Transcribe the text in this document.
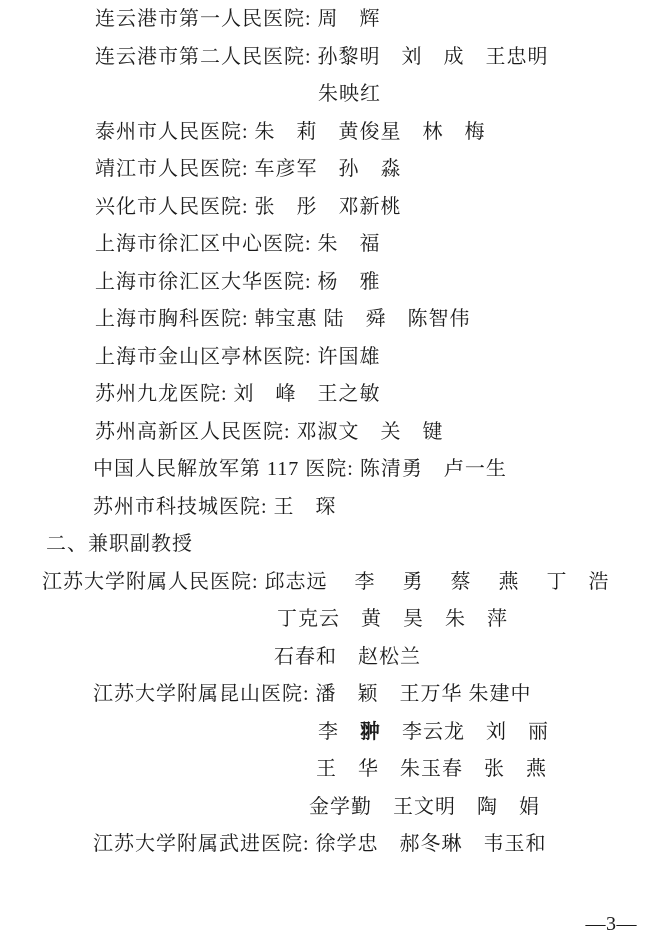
连云港市第一人民医院: 周　辉
连云港市第二人民医院: 孙黎明　刘　成　王忠明
朱映红
泰州市人民医院: 朱　莉　黄俊星　林　梅
靖江市人民医院: 车彦军　孙　淼
兴化市人民医院: 张　彤　邓新桃
上海市徐汇区中心医院: 朱　福
上海市徐汇区大华医院: 杨　雅
上海市胸科医院: 韩宝惠 陆　舜　陈智伟
上海市金山区亭林医院: 许国雄
苏州九龙医院: 刘　峰　王之敏
苏州高新区人民医院: 邓淑文　关　键
中国人民解放军第 117 医院: 陈清勇　卢一生
苏州市科技城医院: 王　琛
二、兼职副教授
江苏大学附属人民医院: 邱志远　 李　 勇　 蔡　 燕　 丁　浩
丁克云　黄　昊　朱　萍
石春和　赵松兰
江苏大学附属昆山医院: 潘　颖　王万华 朱建中
李　翀　李云龙　刘　丽
王　华　朱玉春　张　燕
金学勤　王文明　陶　娟
江苏大学附属武进医院: 徐学忠　郝冬琳　韦玉和
—3—
